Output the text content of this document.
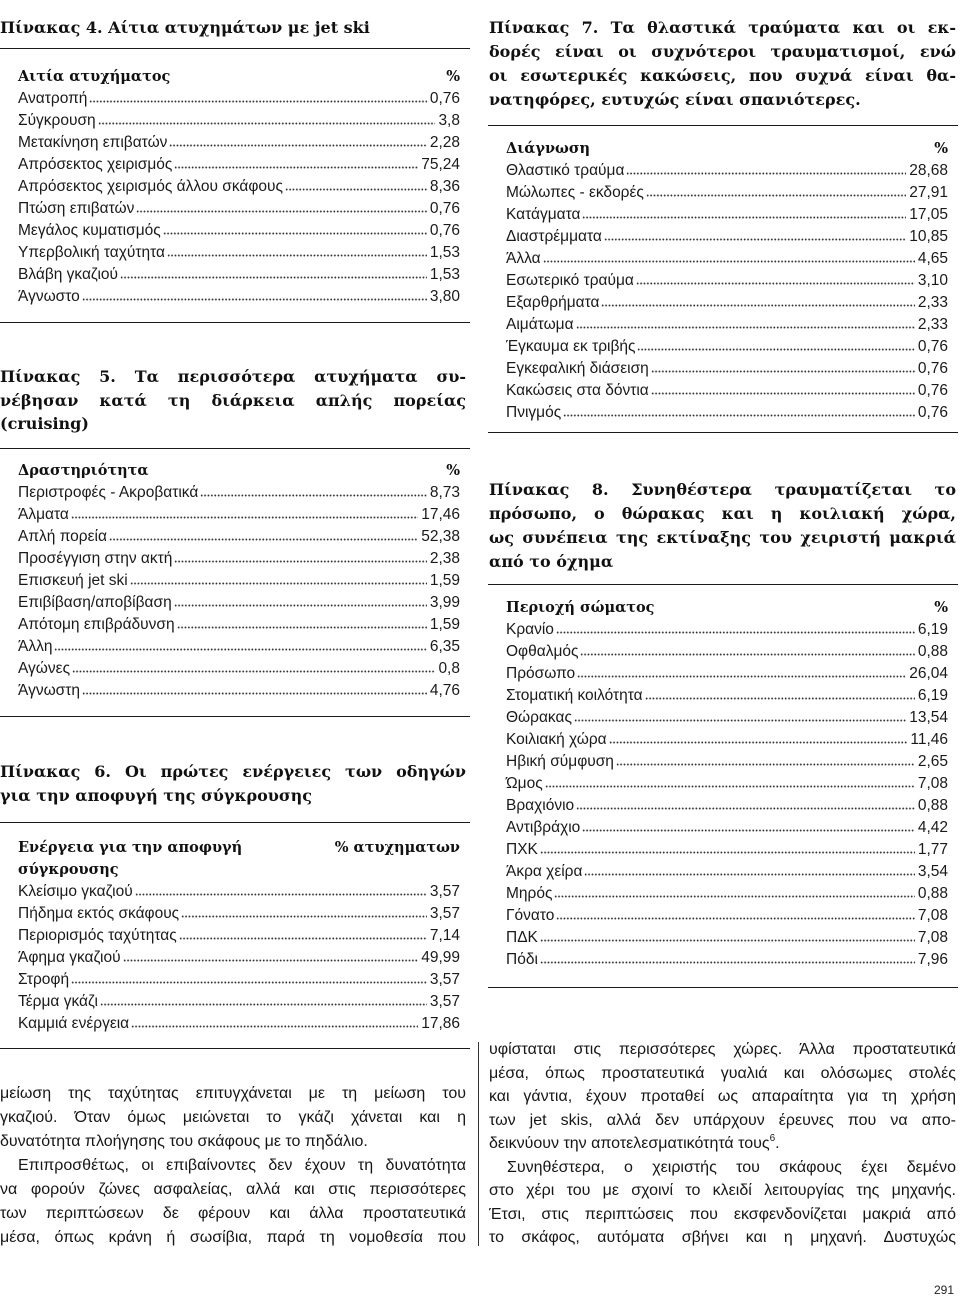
Πίνακας 4. Αίτια ατυχημάτων με jet ski
Αιτία ατυχήματος	%
Ανατροπή	0,76
Σύγκρουση	3,8
Μετακίνηση επιβατών	2,28
Απρόσεκτος χειρισμός	75,24
Απρόσεκτος χειρισμός άλλου σκάφους	8,36
Πτώση επιβατών	0,76
Μεγάλος κυματισμός	0,76
Υπερβολική ταχύτητα	1,53
Βλάβη γκαζιού	1,53
Άγνωστο	3,80
Πίνακας 5. Τα περισσότερα ατυχήματα συ-
νέβησαν κατά τη διάρκεια απλής πορείας
(cruising)
Δραστηριότητα	%
Περιστροφές - Ακροβατικά	8,73
Άλματα	17,46
Απλή πορεία	52,38
Προσέγγιση στην ακτή	2,38
Επισκευή jet ski	1,59
Επιβίβαση/αποβίβαση	3,99
Απότομη επιβράδυνση	1,59
Άλλη	6,35
Αγώνες	0,8
Άγνωστη	4,76
Πίνακας 6. Οι πρώτες ενέργειες των οδηγών
για την αποφυγή της σύγκρουσης
Ενέργεια για την αποφυγή σύγκρουσης
% ατυχηματων
Κλείσιμο γκαζιού	3,57
Πήδημα εκτός σκάφους	3,57
Περιορισμός ταχύτητας	7,14
Άφημα γκαζιού	49,99
Στροφή	3,57
Τέρμα γκάζι	3,57
Καμμιά ενέργεια	17,86
μείωση της ταχύτητας επιτυγχάνεται με τη μείωση του
γκαζιού. Όταν όμως μειώνεται το γκάζι χάνεται και η
δυνατότητα πλοήγησης του σκάφους με το πηδάλιο.
Επιπροσθέτως, οι επιβαίνοντες δεν έχουν τη δυνατότητα
να φορούν ζώνες ασφαλείας, αλλά και στις περισσότερες
των περιπτώσεων δε φέρουν και άλλα προστατευτικά
μέσα, όπως κράνη ή σωσίβια, παρά τη νομοθεσία που
Πίνακας 7. Τα θλαστικά τραύματα και οι εκ-
δορές είναι οι συχνότεροι τραυματισμοί, ενώ
οι εσωτερικές κακώσεις, που συχνά είναι θα-
νατηφόρες, ευτυχώς είναι σπανιότερες.
Διάγνωση	%
Θλαστικό τραύμα	28,68
Μώλωπες - εκδορές	27,91
Κατάγματα	17,05
Διαστρέμματα	10,85
Άλλα	4,65
Εσωτερικό τραύμα	3,10
Εξαρθρήματα	2,33
Αιμάτωμα	2,33
Έγκαυμα εκ τριβής	0,76
Εγκεφαλική διάσειση	0,76
Κακώσεις στα δόντια	0,76
Πνιγμός	0,76
Πίνακας 8. Συνηθέστερα τραυματίζεται το
πρόσωπο, ο θώρακας και η κοιλιακή χώρα,
ως συνέπεια της εκτίναξης του χειριστή μακριά
από το όχημα
Περιοχή σώματος	%
Κρανίο	6,19
Οφθαλμός	0,88
Πρόσωπο	26,04
Στοματική κοιλότητα	6,19
Θώρακας	13,54
Κοιλιακή χώρα	11,46
Ηβική σύμφυση	2,65
Ώμος	7,08
Βραχιόνιο	0,88
Αντιβράχιο	4,42
ΠΧΚ	1,77
Άκρα χείρα	3,54
Μηρός	0,88
Γόνατο	7,08
ΠΔΚ	7,08
Πόδι	7,96
υφίσταται στις περισσότερες χώρες. Άλλα προστατευτικά
μέσα, όπως προστατευτικά γυαλιά και ολόσωμες στολές
και γάντια, έχουν προταθεί ως απαραίτητα για τη χρήση
των jet skis, αλλά δεν υπάρχουν έρευνες που να απο-
δεικνύουν την αποτελεσματικότητά τους$^6$.
Συνηθέστερα, ο χειριστής του σκάφους έχει δεμένο
στο χέρι του με σχοινί το κλειδί λειτουργίας της μηχανής.
Έτσι, στις περιπτώσεις που εκσφενδονίζεται μακριά από
το σκάφος, αυτόματα σβήνει και η μηχανή. Δυστυχώς
291
